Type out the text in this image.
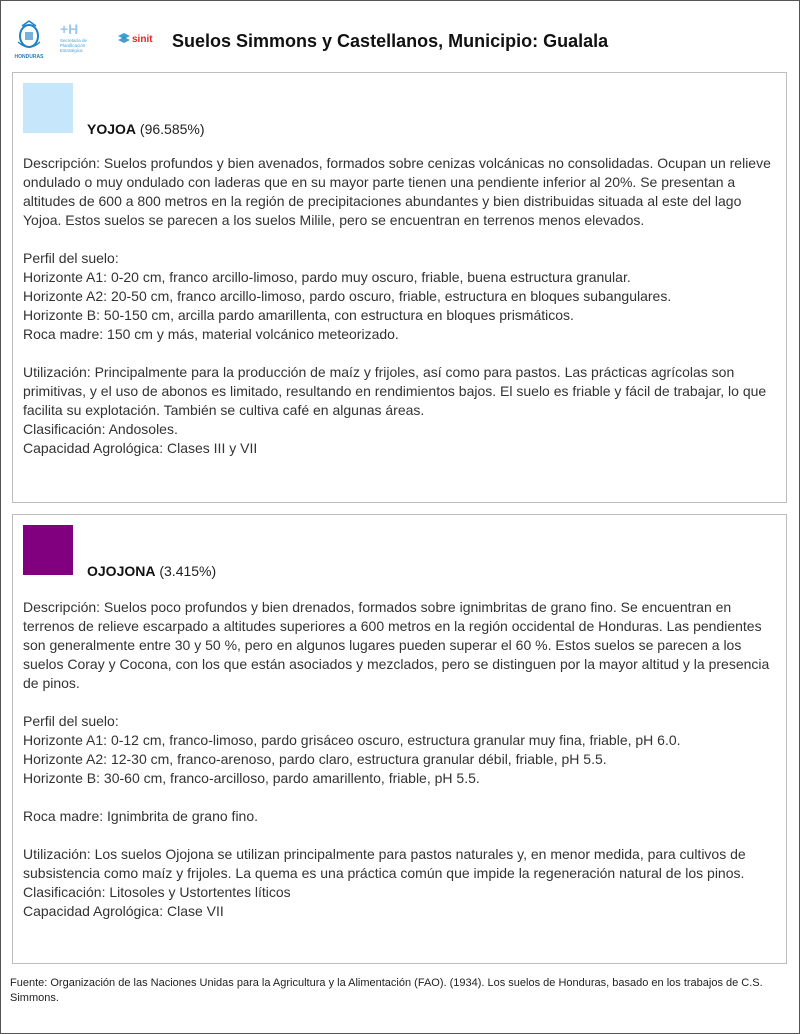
HONDURAS
+H
Secretaría de
Planificación
Estratégica
sinit Suelos Simmons y Castellanos, Municipio: Gualala
YOJOA (96.585%)

Descripción: Suelos profundos y bien avenados, formados sobre cenizas volcánicas no consolidadas. Ocupan un relieve ondulado o muy ondulado con laderas que en su mayor parte tienen una pendiente inferior al 20%. Se presentan a altitudes de 600 a 800 metros en la región de precipitaciones abundantes y bien distribuidas situada al este del lago Yojoa. Estos suelos se parecen a los suelos Milile, pero se encuentran en terrenos menos elevados.

Perfil del suelo:

Horizonte A1: 0-20 cm, franco arcillo-limoso, pardo muy oscuro, friable, buena estructura granular.

Horizonte A2: 20-50 cm, franco arcillo-limoso, pardo oscuro, friable, estructura en bloques subangulares.

Horizonte B: 50-150 cm, arcilla pardo amarillenta, con estructura en bloques prismáticos.

Roca madre: 150 cm y más, material volcánico meteorizado.

Utilización: Principalmente para la producción de maíz y frijoles, así como para pastos. Las prácticas agrícolas son primitivas, y el uso de abonos es limitado, resultando en rendimientos bajos. El suelo es friable y fácil de trabajar, lo que facilita su explotación. También se cultiva café en algunas áreas.

Clasificación: Andosoles.

Capacidad Agrológica: Clases III y VII

OJOJONA (3.415%)

Descripción: Suelos poco profundos y bien drenados, formados sobre ignimbritas de grano fino. Se encuentran en terrenos de relieve escarpado a altitudes superiores a 600 metros en la región occidental de Honduras. Las pendientes son generalmente entre 30 y 50 %, pero en algunos lugares pueden superar el 60 %. Estos suelos se parecen a los suelos Coray y Cocona, con los que están asociados y mezclados, pero se distinguen por la mayor altitud y la presencia de pinos.

Perfil del suelo:

Horizonte A1: 0-12 cm, franco-limoso, pardo grisáceo oscuro, estructura granular muy fina, friable, pH 6.0.

Horizonte A2: 12-30 cm, franco-arenoso, pardo claro, estructura granular débil, friable, pH 5.5.

Horizonte B: 30-60 cm, franco-arcilloso, pardo amarillento, friable, pH 5.5.

Roca madre: Ignimbrita de grano fino.

Utilización: Los suelos Ojojona se utilizan principalmente para pastos naturales y, en menor medida, para cultivos de subsistencia como maíz y frijoles. La quema es una práctica común que impide la regeneración natural de los pinos.

Clasificación: Litosoles y Ustortentes líticos

Capacidad Agrológica: Clase VII

Fuente: Organización de las Naciones Unidas para la Agricultura y la Alimentación (FAO). (1934). Los suelos de Honduras, basado en los trabajos de C.S. Simmons.
